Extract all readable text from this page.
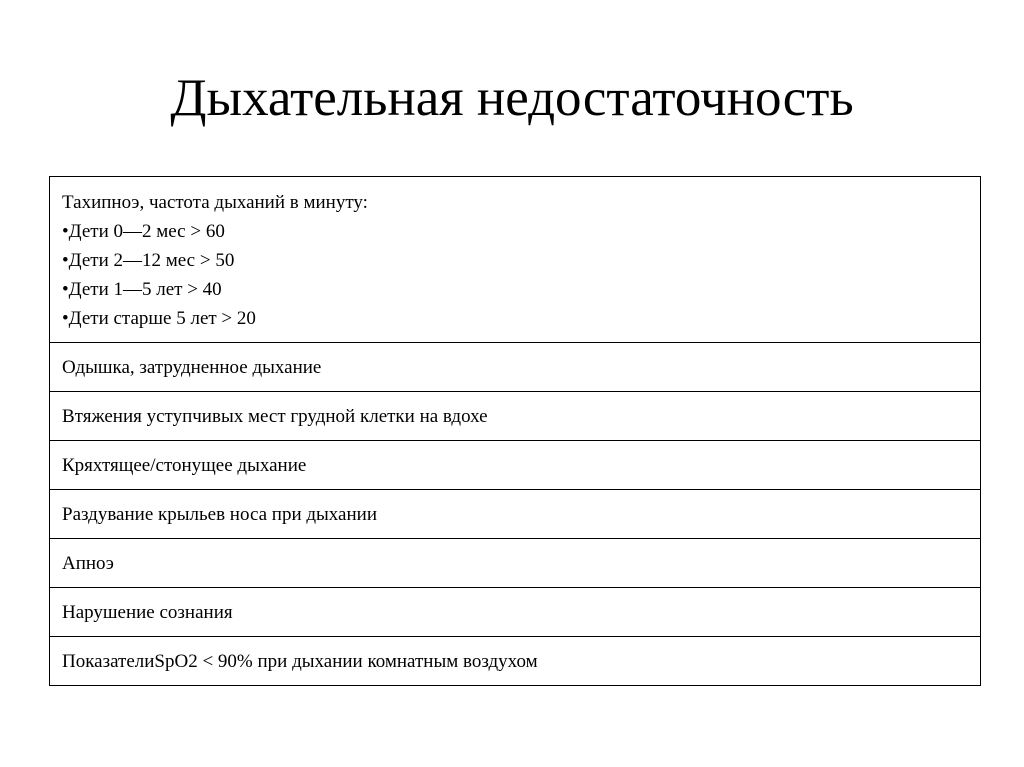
Дыхательная недостаточность
Тахипноэ, частота дыханий в минуту:
•Дети 0—2 мес > 60
•Дети 2—12 мес > 50
•Дети 1—5 лет > 40
•Дети старше 5 лет > 20

Одышка, затрудненное дыхание
Втяжения уступчивых мест грудной клетки на вдохе
Кряхтящее/стонущее дыхание
Раздувание крыльев носа при дыхании
Апноэ
Нарушение сознания
ПоказателиSpO2 < 90% при дыхании комнатным воздухом
